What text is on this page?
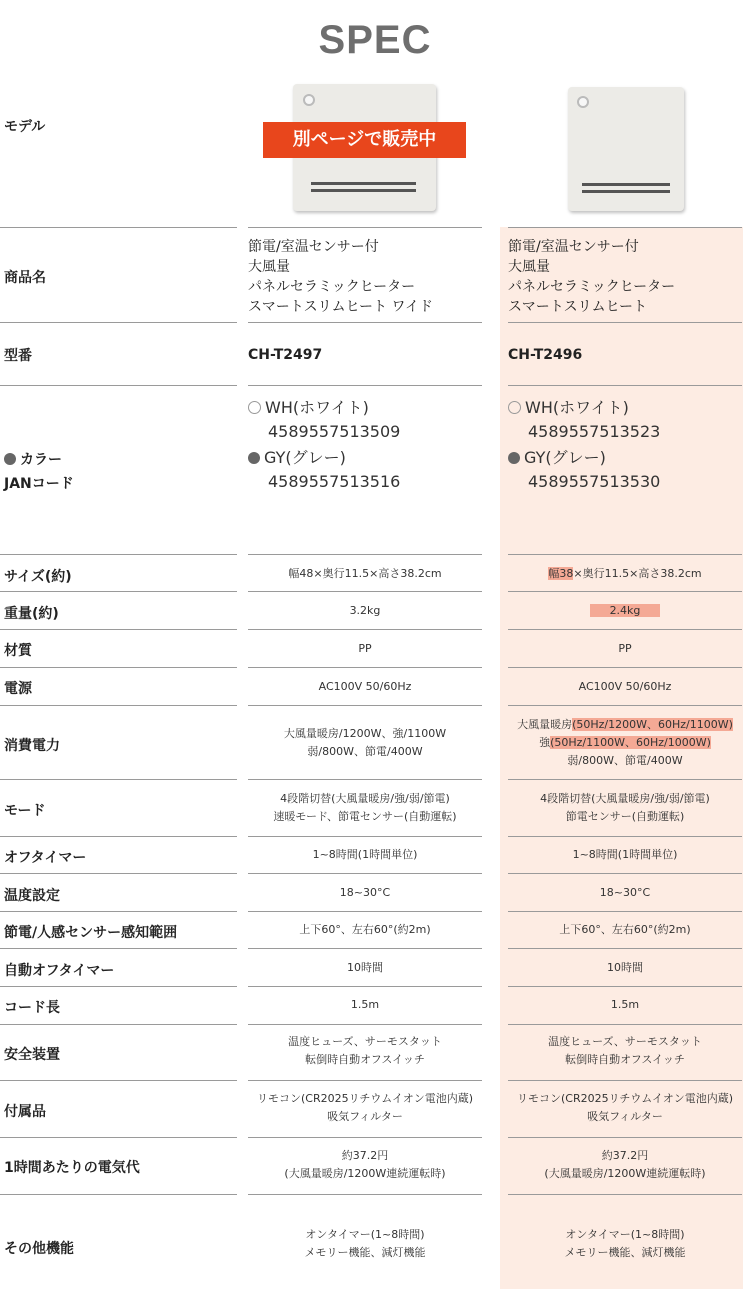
SPEC
別ページで販売中
モデル
商品名
型番
カラー
JANコード
サイズ(約)
重量(約)
材質
電源
消費電力
モード
オフタイマー
温度設定
節電/人感センサー感知範囲
自動オフタイマー
コード長
安全装置
付属品
1時間あたりの電気代
その他機能
節電/室温センサー付
大風量
パネルセラミックヒーター
スマートスリムヒート ワイド
CH-T2497
WH(ホワイト)
4589557513509
GY(グレー)
4589557513516
幅48×奥行11.5×高さ38.2cm
3.2kg
PP
AC100V 50/60Hz
大風量暖房/1200W、強/1100W
弱/800W、節電/400W
4段階切替(大風量暖房/強/弱/節電)
速暖モード、節電センサー(自動運転)
1~8時間(1時間単位)
18~30°C
上下60°、左右60°(約2m)
10時間
1.5m
温度ヒューズ、サーモスタット
転倒時自動オフスイッチ
リモコン(CR2025リチウムイオン電池内蔵)
吸気フィルター
約37.2円
(大風量暖房/1200W連続運転時)
オンタイマー(1~8時間)
メモリー機能、減灯機能
節電/室温センサー付
大風量
パネルセラミックヒーター
スマートスリムヒート
CH-T2496
WH(ホワイト)
4589557513523
GY(グレー)
4589557513530
幅38×奥行11.5×高さ38.2cm
2.4kg
PP
AC100V 50/60Hz
大風量暖房(50Hz/1200W、60Hz/1100W)
強(50Hz/1100W、60Hz/1000W)
弱/800W、節電/400W
4段階切替(大風量暖房/強/弱/節電)
節電センサー(自動運転)
1~8時間(1時間単位)
18~30°C
上下60°、左右60°(約2m)
10時間
1.5m
温度ヒューズ、サーモスタット
転倒時自動オフスイッチ
リモコン(CR2025リチウムイオン電池内蔵)
吸気フィルター
約37.2円
(大風量暖房/1200W連続運転時)
オンタイマー(1~8時間)
メモリー機能、減灯機能
